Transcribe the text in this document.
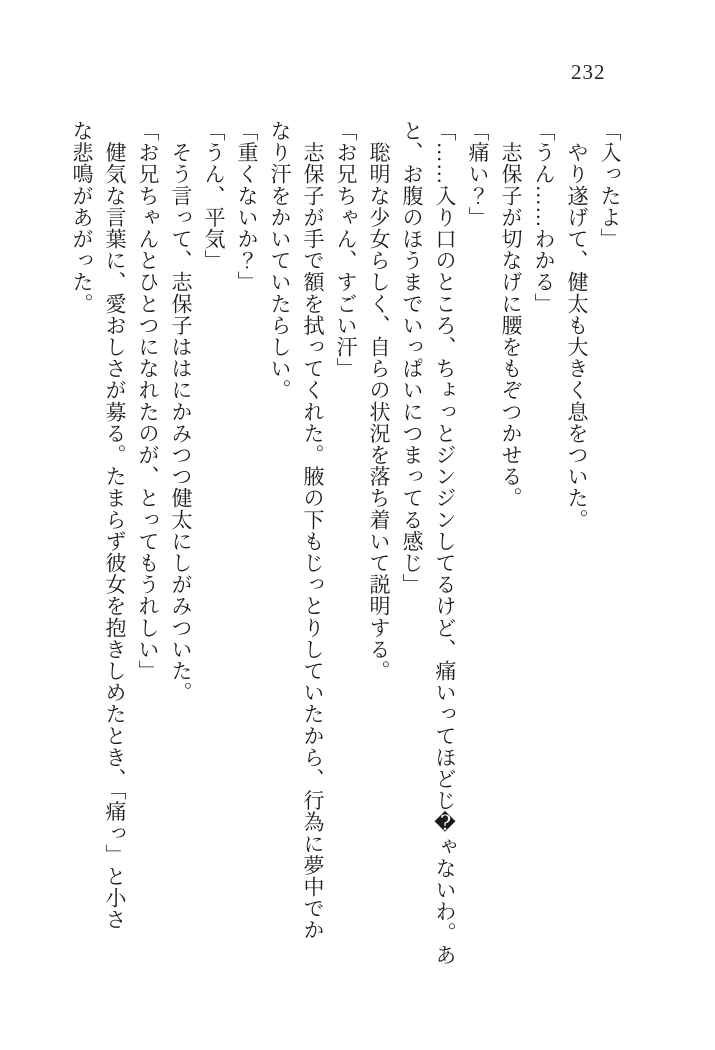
232
「入ったよ」
　やり遂げて、健太も大きく息をついた。
「うん……わかる」
　志保子が切なげに腰をもぞつかせる。
「痛い？」
「……入り口のところ、ちょっとジンジンしてるけど、痛いってほどじ�ゃないわ。あ
と、お腹のほうまでいっぱいにつまってる感じ」
　聡明な少女らしく、自らの状況を落ち着いて説明する。
「お兄ちゃん、すごい汗」
　志保子が手で額を拭ってくれた。腋の下もじっとりしていたから、行為に夢中でか
なり汗をかいていたらしい。
「重くないか？」
「うん、平気」
　そう言って、志保子ははにかみつつ健太にしがみついた。
「お兄ちゃんとひとつになれたのが、とってもうれしい」
　健気な言葉に、愛おしさが募る。たまらず彼女を抱きしめたとき、「痛っ」と小さ
な悲鳴があがった。
